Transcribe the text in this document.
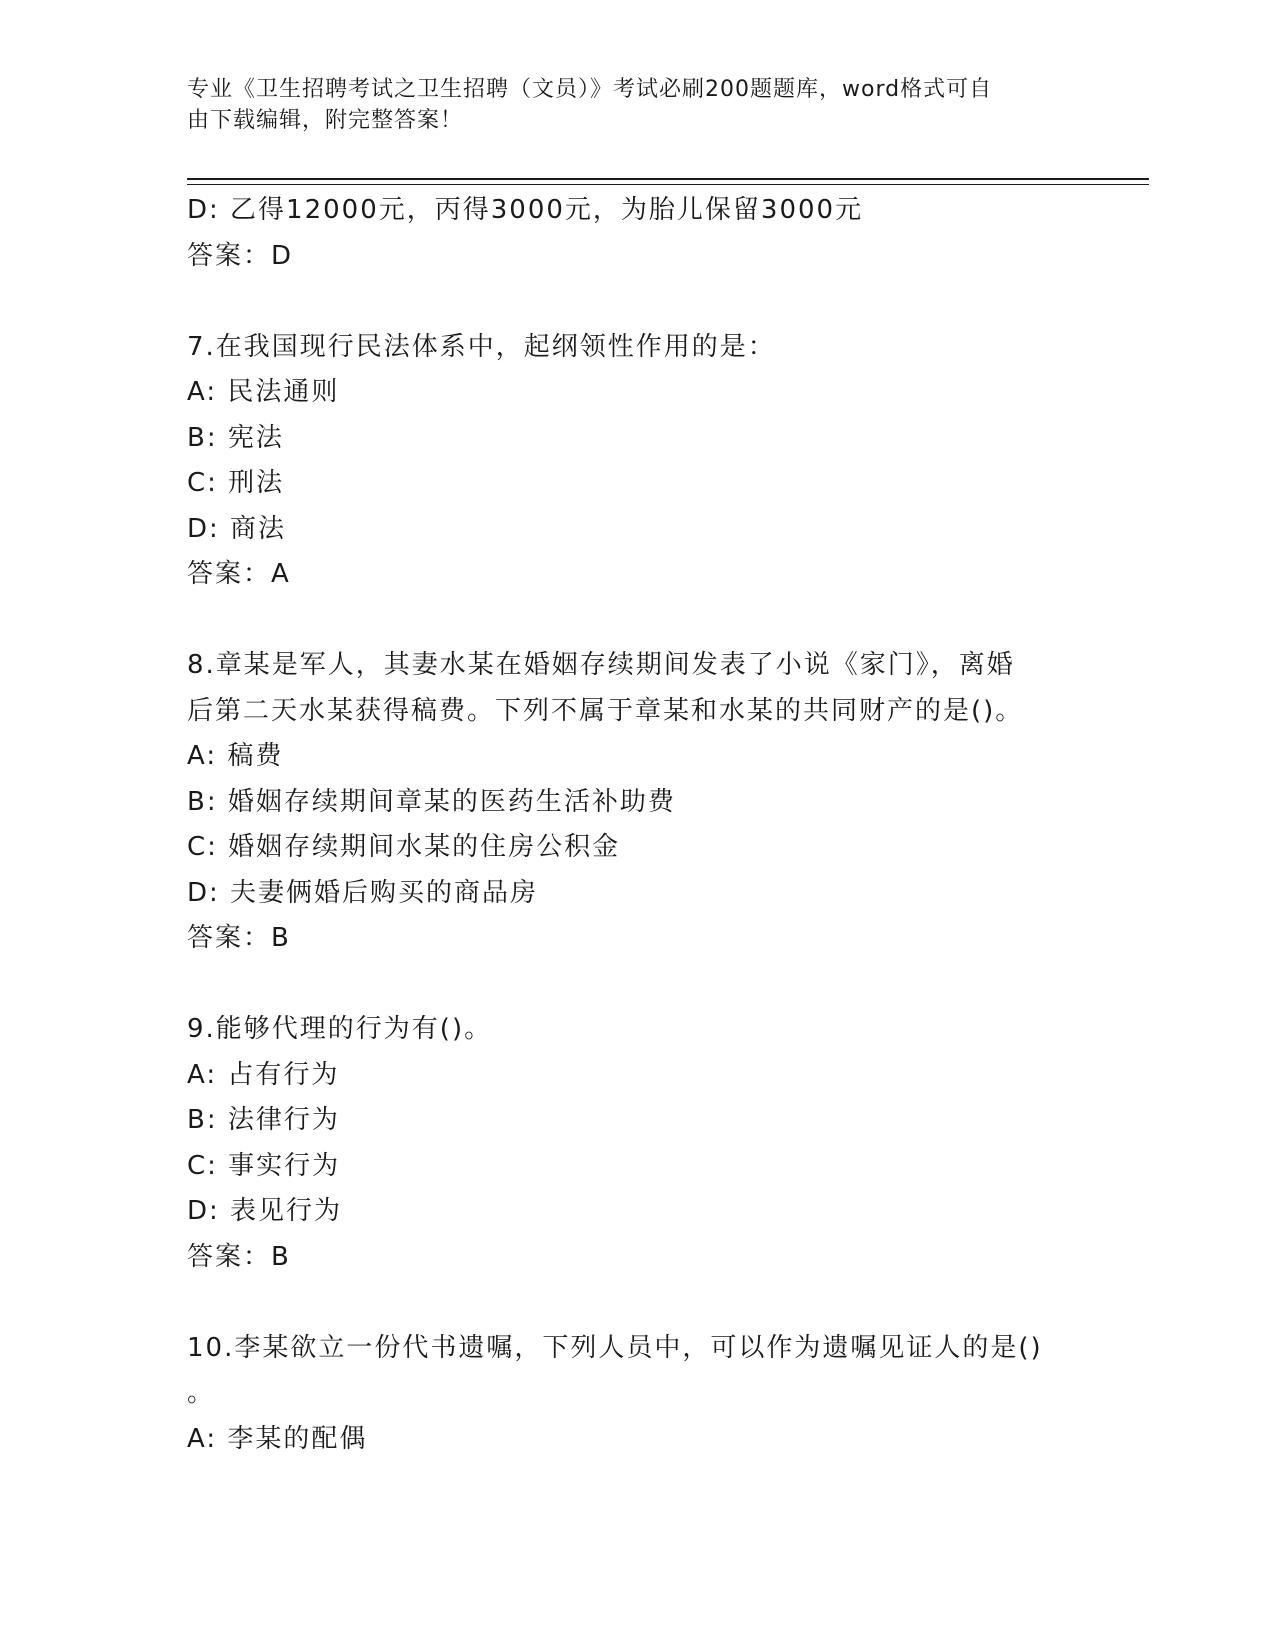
专业《卫生招聘考试之卫生招聘（文员）》考试必刷200题题库，word格式可自
由下载编辑，附完整答案！
D: 乙得12000元，丙得3000元，为胎儿保留3000元
答案：D
7.在我国现行民法体系中，起纲领性作用的是：
A: 民法通则
B: 宪法
C: 刑法
D: 商法
答案：A
8.章某是军人，其妻水某在婚姻存续期间发表了小说《家门》，离婚
后第二天水某获得稿费。下列不属于章某和水某的共同财产的是()。
A: 稿费
B: 婚姻存续期间章某的医药生活补助费
C: 婚姻存续期间水某的住房公积金
D: 夫妻俩婚后购买的商品房
答案：B
9.能够代理的行为有()。
A: 占有行为
B: 法律行为
C: 事实行为
D: 表见行为
答案：B
10.李某欲立一份代书遗嘱，下列人员中，可以作为遗嘱见证人的是()
。
A: 李某的配偶
